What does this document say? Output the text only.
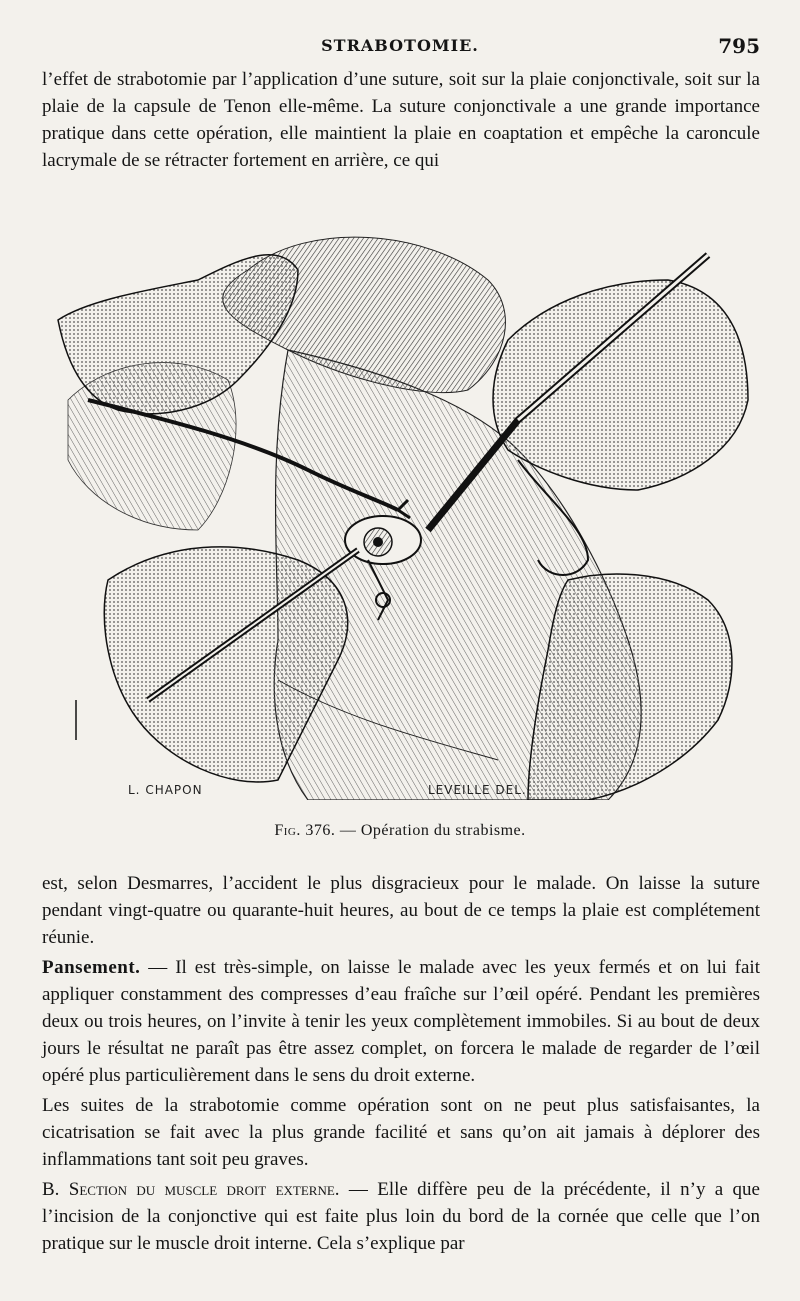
STRABOTOMIE.	795

l’effet de strabotomie par l’application d’une suture, soit sur la plaie conjonctivale, soit sur la plaie de la capsule de Tenon elle-même. La suture conjonctivale a une grande importance pratique dans cette opération, elle maintient la plaie en coaptation et empêche la caroncule lacrymale de se rétracter fortement en arrière, ce qui

L. CHAPON	LEVEILLE DEL.
Fig. 376. — Opération du strabisme.

est, selon Desmarres, l’accident le plus disgracieux pour le malade. On laisse la suture pendant vingt-quatre ou quarante-huit heures, au bout de ce temps la plaie est complétement réunie.

Pansement. — Il est très-simple, on laisse le malade avec les yeux fermés et on lui fait appliquer constamment des compresses d’eau fraîche sur l’œil opéré. Pendant les premières deux ou trois heures, on l’invite à tenir les yeux complètement immobiles. Si au bout de deux jours le résultat ne paraît pas être assez complet, on forcera le malade de regarder de l’œil opéré plus particulièrement dans le sens du droit externe.

Les suites de la strabotomie comme opération sont on ne peut plus satisfaisantes, la cicatrisation se fait avec la plus grande facilité et sans qu’on ait jamais à déplorer des inflammations tant soit peu graves.

B. Section du muscle droit externe. — Elle diffère peu de la précédente, il n’y a que l’incision de la conjonctive qui est faite plus loin du bord de la cornée que celle que l’on pratique sur le muscle droit interne. Cela s’explique par
